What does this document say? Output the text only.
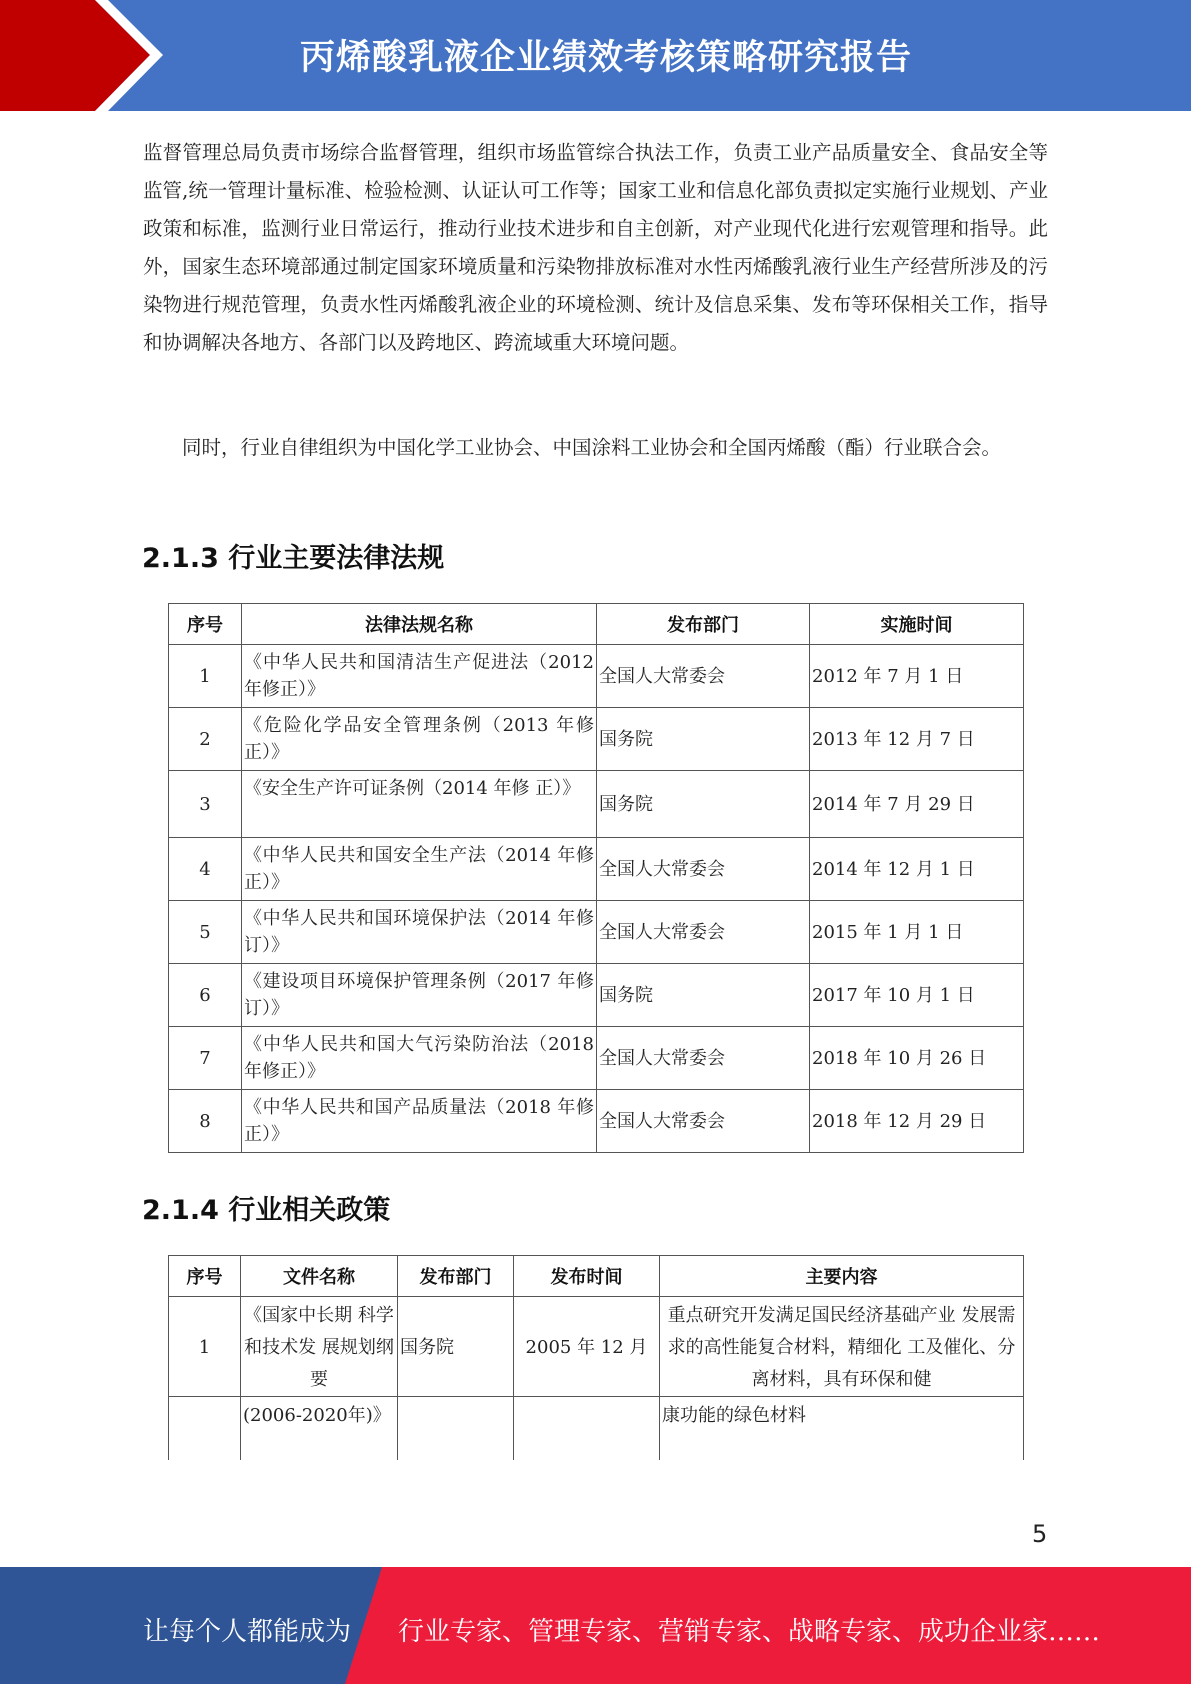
丙烯酸乳液企业绩效考核策略研究报告

监督管理总局负责市场综合监督管理，组织市场监管综合执法工作，负责工业产品质量安全、食品安全等监管,统一管理计量标准、检验检测、认证认可工作等；国家工业和信息化部负责拟定实施行业规划、产业政策和标准，监测行业日常运行，推动行业技术进步和自主创新，对产业现代化进行宏观管理和指导。此外，国家生态环境部通过制定国家环境质量和污染物排放标准对水性丙烯酸乳液行业生产经营所涉及的污染物进行规范管理，负责水性丙烯酸乳液企业的环境检测、统计及信息采集、发布等环保相关工作，指导和协调解决各地方、各部门以及跨地区、跨流域重大环境问题。

同时，行业自律组织为中国化学工业协会、中国涂料工业协会和全国丙烯酸（酯）行业联合会。

2.1.3 行业主要法律法规
序号	法律法规名称	发布部门	实施时间
1	《中华人民共和国清洁生产促进法（2012年修正）》	全国人大常委会	2012 年 7 月 1 日
2	《危险化学品安全管理条例（2013 年修正）》	国务院	2013 年 12 月 7 日
3	《安全生产许可证条例（2014 年修 正）》	国务院	2014 年 7 月 29 日
4	《中华人民共和国安全生产法（2014 年修正）》	全国人大常委会	2014 年 12 月 1 日
5	《中华人民共和国环境保护法（2014 年修订）》	全国人大常委会	2015 年 1 月 1 日
6	《建设项目环境保护管理条例（2017 年修订）》	国务院	2017 年 10 月 1 日
7	《中华人民共和国大气污染防治法（2018年修正）》	全国人大常委会	2018 年 10 月 26 日
8	《中华人民共和国产品质量法（2018 年修正）》	全国人大常委会	2018 年 12 月 29 日
2.1.4 行业相关政策
序号	文件名称	发布部门	发布时间	主要内容
1	《国家中长期 科学和技术发 展规划纲要	国务院	2005 年 12 月	重点研究开发满足国民经济基础产业 发展需求的高性能复合材料，精细化 工及催化、分离材料，具有环保和健
	(2006-2020年)》			康功能的绿色材料
5
让每个人都能成为 行业专家、管理专家、营销专家、战略专家、成功企业家……
